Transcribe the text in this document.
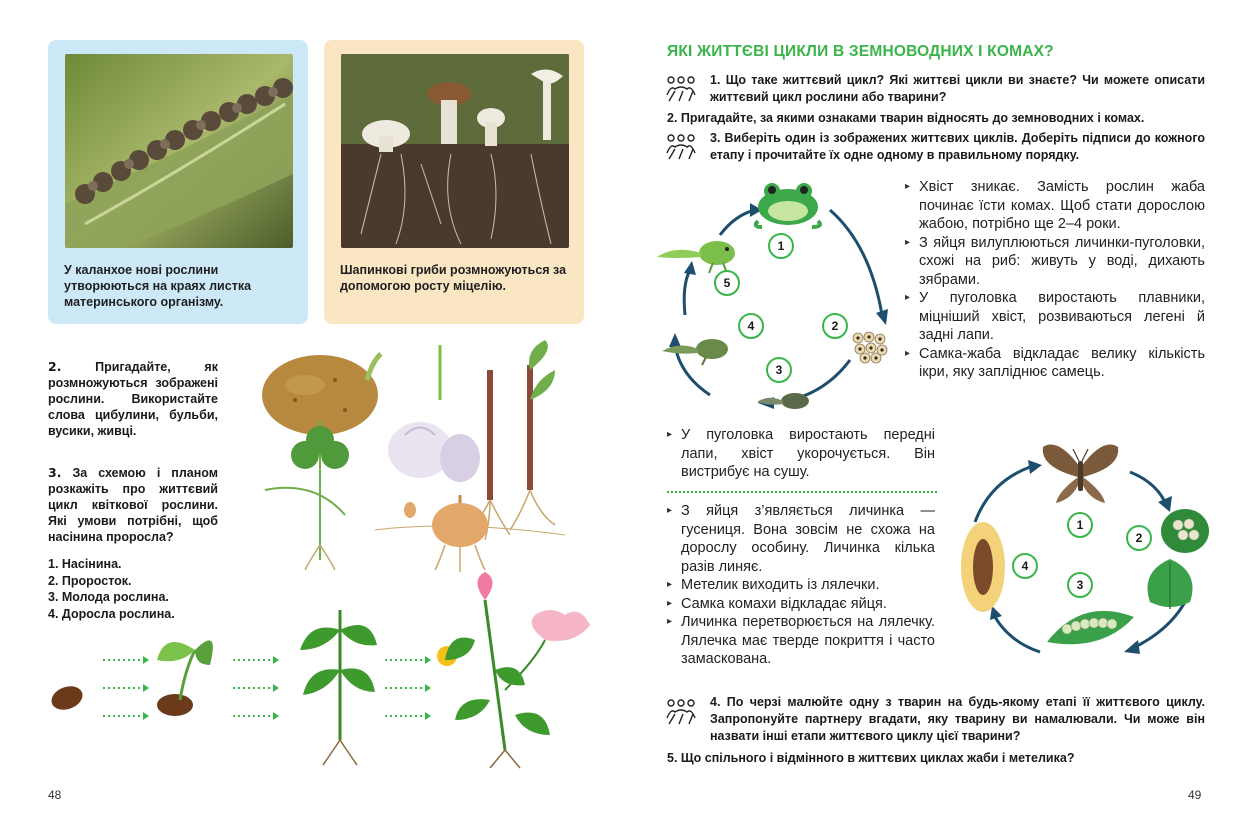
У каланхое нові рослини утворюються на краях листка материнського організму.
Шапинкові гриби розмножуються за допомогою росту міцелію.
2.	Пригадайте, як розмножуються зображені рослини. Використайте слова цибулини, бульби, вусики, живці.
3. За схемою і планом розкажіть про життєвий цикл квіткової рослини. Які умови потрібні, щоб насінина проросла?
1. Насінина.
2. Проросток.
3. Молода рослина.
4. Доросла рослина.
48
ЯКІ ЖИТТЄВІ ЦИКЛИ В ЗЕМНОВОДНИХ І КОМАХ?
1. Що таке життєвий цикл? Які життєві цикли ви знаєте? Чи можете описати життєвий цикл рослини або тварини?
2. Пригадайте, за якими ознаками тварин відносять до земноводних і комах.
3. Виберіть один із зображених життєвих циклів. Доберіть підписи до кожного етапу і прочитайте їх одне одному в правильному порядку.
1
2
3
4
5
▸ Хвіст зникає. Замість рослин жаба починає їсти комах. Щоб стати дорослою жабою, потрібно ще 2–4 роки.
▸ З яйця вилуплюються личинки-пуголовки, схожі на риб: живуть у воді, дихають зябрами.
▸ У пуголовка виростають плавники, міцніший хвіст, розвиваються легені й задні лапи.
▸ Самка-жаба відкладає велику кількість ікри, яку запліднює самець.
▸ У пуголовка виростають передні лапи, хвіст укорочується. Він вистрибує на сушу.
▸ З яйця з’являється личинка — гусениця. Вона зовсім не схожа на дорослу особину. Личинка кілька разів линяє.
▸ Метелик виходить із лялечки.
▸ Самка комахи відкладає яйця.
▸ Личинка перетворюється на лялечку. Лялечка має тверде покриття і часто замаскована.
1
2
3
4
4. По черзі малюйте одну з тварин на будь-якому етапі її життєвого циклу. Запропонуйте партнеру вгадати, яку тварину ви намалювали. Чи може він назвати інші етапи життєвого циклу цієї тварини?
5. Що спільного і відмінного в життєвих циклах жаби і метелика?
49
